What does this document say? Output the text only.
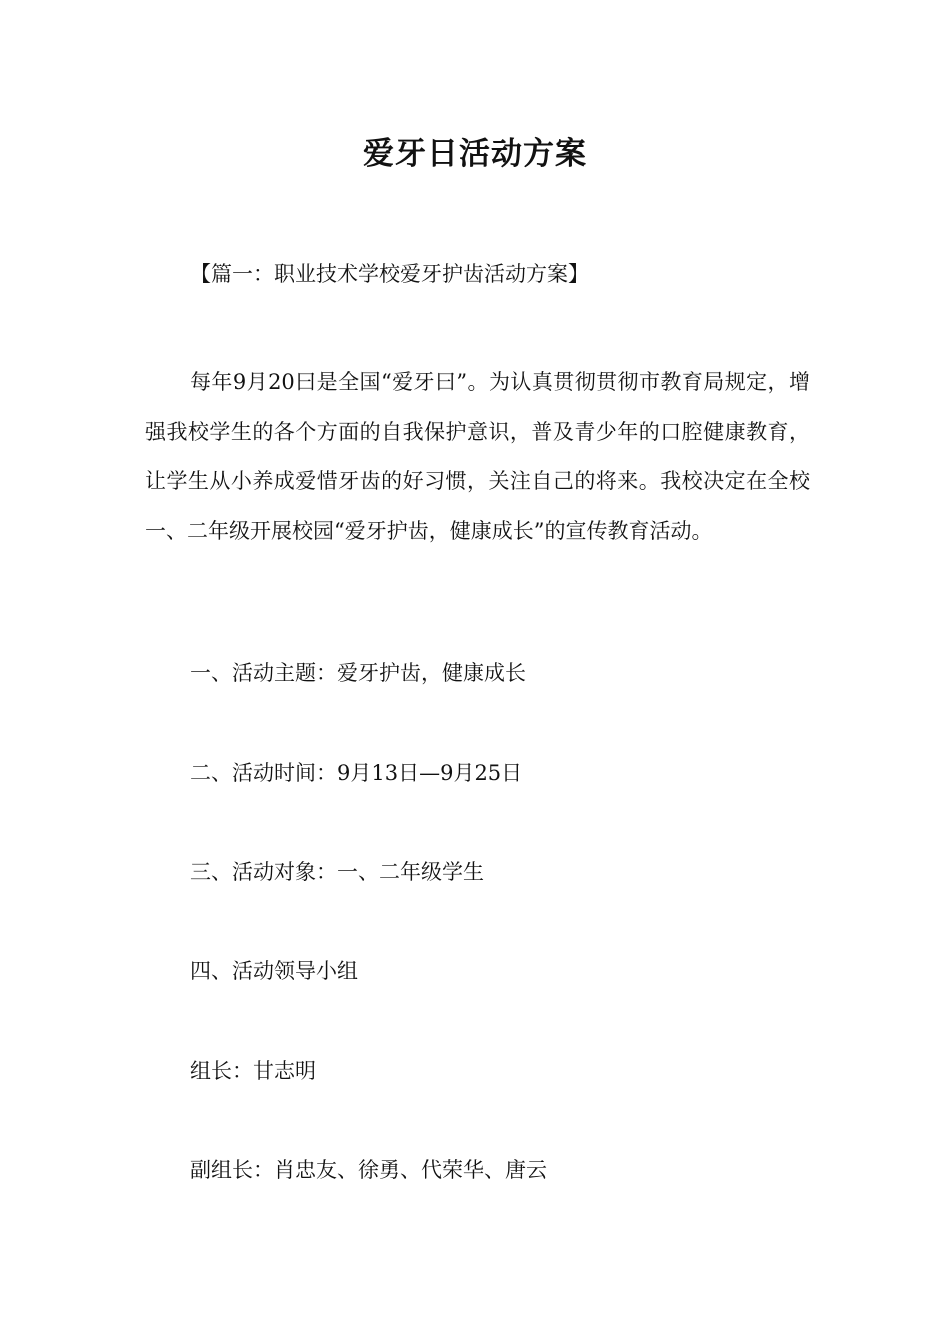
爱牙日活动方案
【篇一：职业技术学校爱牙护齿活动方案】
每年9月20曰是全国“爱牙曰”。为认真贯彻贯彻市教育局规定，增强我校学生的各个方面的自我保护意识，普及青少年的口腔健康教育，让学生从小养成爱惜牙齿的好习惯，关注自己的将来。我校决定在全校一、二年级开展校园“爱牙护齿，健康成长”的宣传教育活动。
一、活动主题：爱牙护齿，健康成长
二、活动时间：9月13日—9月25日
三、活动对象：一、二年级学生
四、活动领导小组
组长：甘志明
副组长：肖忠友、徐勇、代荣华、唐云
